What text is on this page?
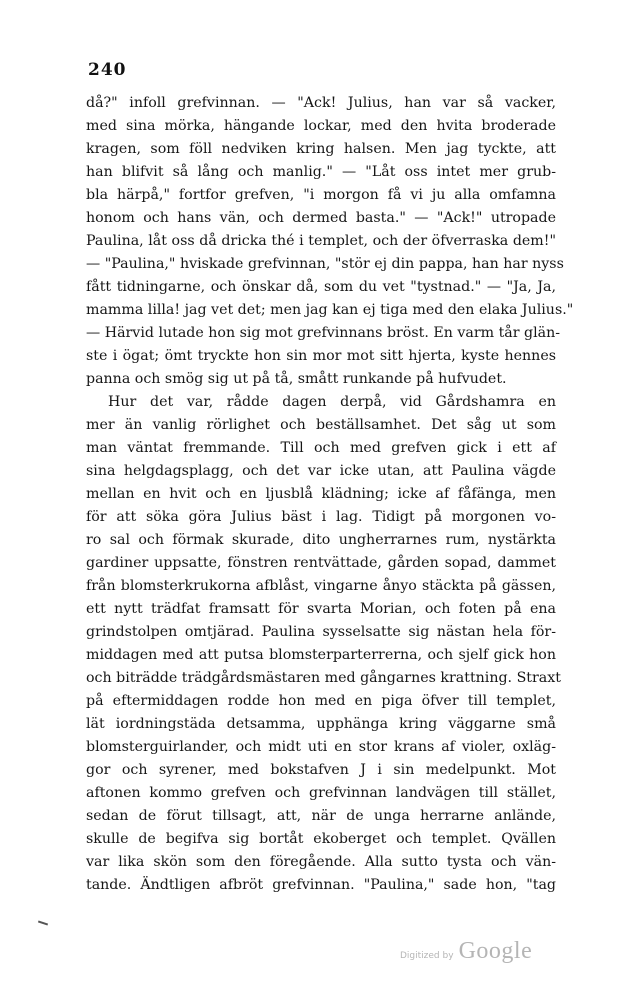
240
då?" infoll grefvinnan. — "Ack! Julius, han var så vacker,
med sina mörka, hängande lockar, med den hvita broderade
kragen, som föll nedviken kring halsen. Men jag tyckte, att
han blifvit så lång och manlig." — "Låt oss intet mer grub-
bla härpå," fortfor grefven, "i morgon få vi ju alla omfamna
honom och hans vän, och dermed basta." — "Ack!" utropade
Paulina, låt oss då dricka thé i templet, och der öfverraska dem!"
— "Paulina," hviskade grefvinnan, "stör ej din pappa, han har nyss
fått tidningarne, och önskar då, som du vet "tystnad." — "Ja, Ja,
mamma lilla! jag vet det; men jag kan ej tiga med den elaka Julius."
— Härvid lutade hon sig mot grefvinnans bröst. En varm tår glän-
ste i ögat; ömt tryckte hon sin mor mot sitt hjerta, kyste hennes
panna och smög sig ut på tå, smått runkande på hufvudet.
Hur det var, rådde dagen derpå, vid Gårdshamra en
mer än vanlig rörlighet och beställsamhet. Det såg ut som
man väntat fremmande. Till och med grefven gick i ett af
sina helgdagsplagg, och det var icke utan, att Paulina vägde
mellan en hvit och en ljusblå klädning; icke af fåfänga, men
för att söka göra Julius bäst i lag. Tidigt på morgonen vo-
ro sal och förmak skurade, dito ungherrarnes rum, nystärkta
gardiner uppsatte, fönstren rentvättade, gården sopad, dammet
från blomsterkrukorna afblåst, vingarne ånyo stäckta på gässen,
ett nytt trädfat framsatt för svarta Morian, och foten på ena
grindstolpen omtjärad. Paulina sysselsatte sig nästan hela för-
middagen med att putsa blomsterparterrerna, och sjelf gick hon
och biträdde trädgårdsmästaren med gångarnes krattning. Straxt
på eftermiddagen rodde hon med en piga öfver till templet,
lät iordningstäda detsamma, upphänga kring väggarne små
blomsterguirlander, och midt uti en stor krans af violer, oxläg-
gor och syrener, med bokstafven J i sin medelpunkt. Mot
aftonen kommo grefven och grefvinnan landvägen till stället,
sedan de förut tillsagt, att, när de unga herrarne anlände,
skulle de begifva sig bortåt ekoberget och templet. Qvällen
var lika skön som den föregående. Alla sutto tysta och vän-
tande. Ändtligen afbröt grefvinnan. "Paulina," sade hon, "tag
Digitized by Google
